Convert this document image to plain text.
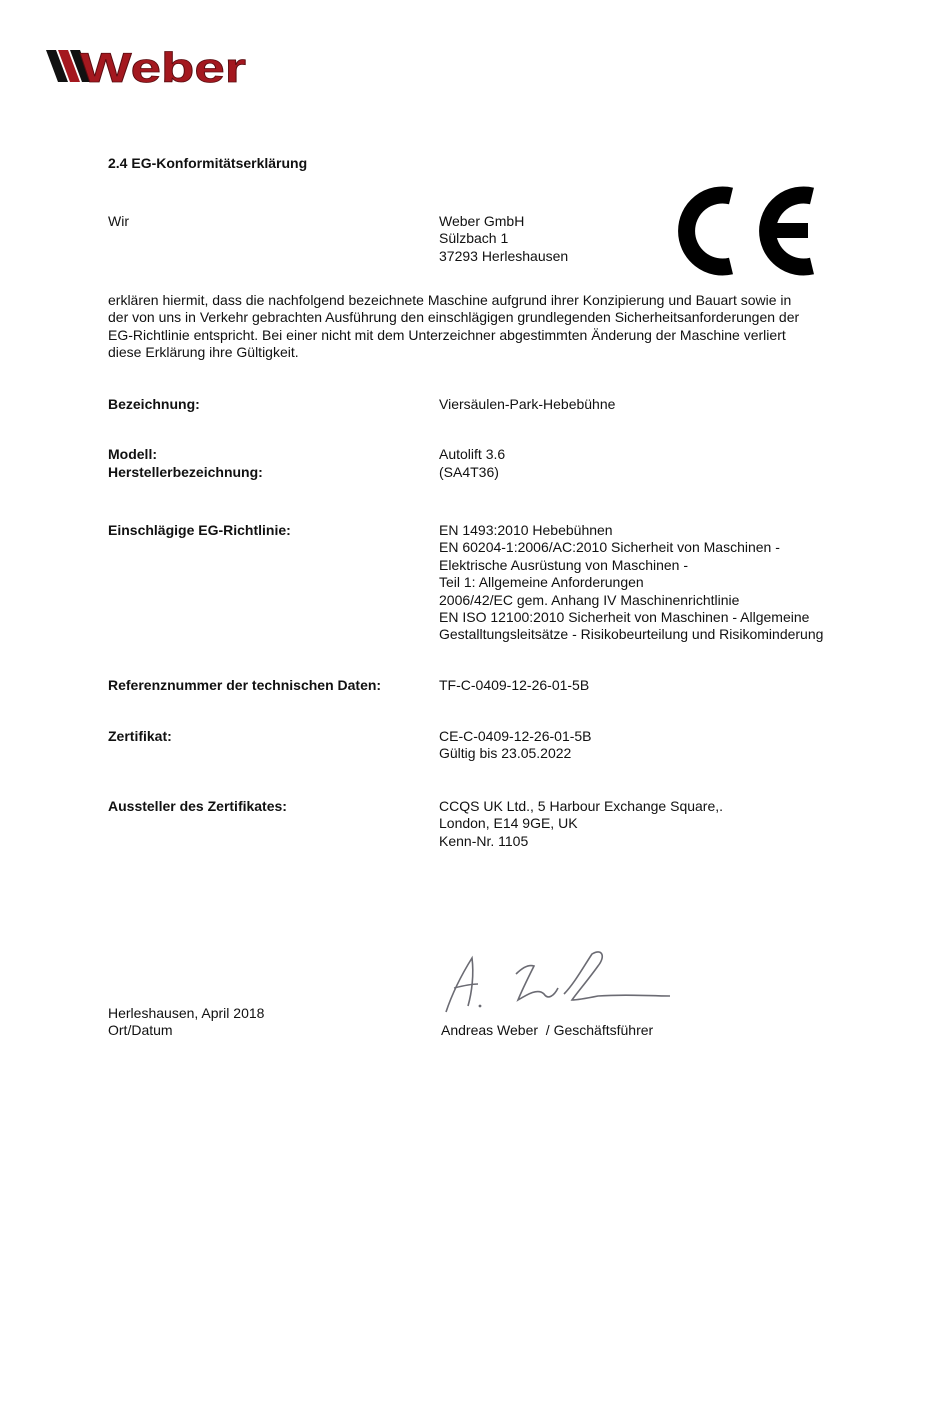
Weber
2.4 EG-Konformitätserklärung
Wir	Weber GmbH
Sülzbach 1
37293 Herleshausen
erklären hiermit, dass die nachfolgend bezeichnete Maschine aufgrund ihrer Konzipierung und Bauart sowie in
der von uns in Verkehr gebrachten Ausführung den einschlägigen grundlegenden Sicherheitsanforderungen der
EG-Richtlinie entspricht. Bei einer nicht mit dem Unterzeichner abgestimmten Änderung der Maschine verliert
diese Erklärung ihre Gültigkeit.
Bezeichnung:	Viersäulen-Park-Hebebühne
Modell:	Autolift 3.6
Herstellerbezeichnung:	(SA4T36)
Einschlägige EG-Richtlinie:	EN 1493:2010 Hebebühnen
EN 60204-1:2006/AC:2010 Sicherheit von Maschinen -
Elektrische Ausrüstung von Maschinen -
Teil 1: Allgemeine Anforderungen
2006/42/EC gem. Anhang IV Maschinenrichtlinie
EN ISO 12100:2010 Sicherheit von Maschinen - Allgemeine
Gestalltungsleitsätze - Risikobeurteilung und Risikominderung
Referenznummer der technischen Daten:	TF-C-0409-12-26-01-5B
Zertifikat:	CE-C-0409-12-26-01-5B
Gültig bis 23.05.2022
Aussteller des Zertifikates:	CCQS UK Ltd., 5 Harbour Exchange Square,.
London, E14 9GE, UK
Kenn-Nr. 1105
Herleshausen, April 2018
Ort/Datum	Andreas Weber  / Geschäftsführer
